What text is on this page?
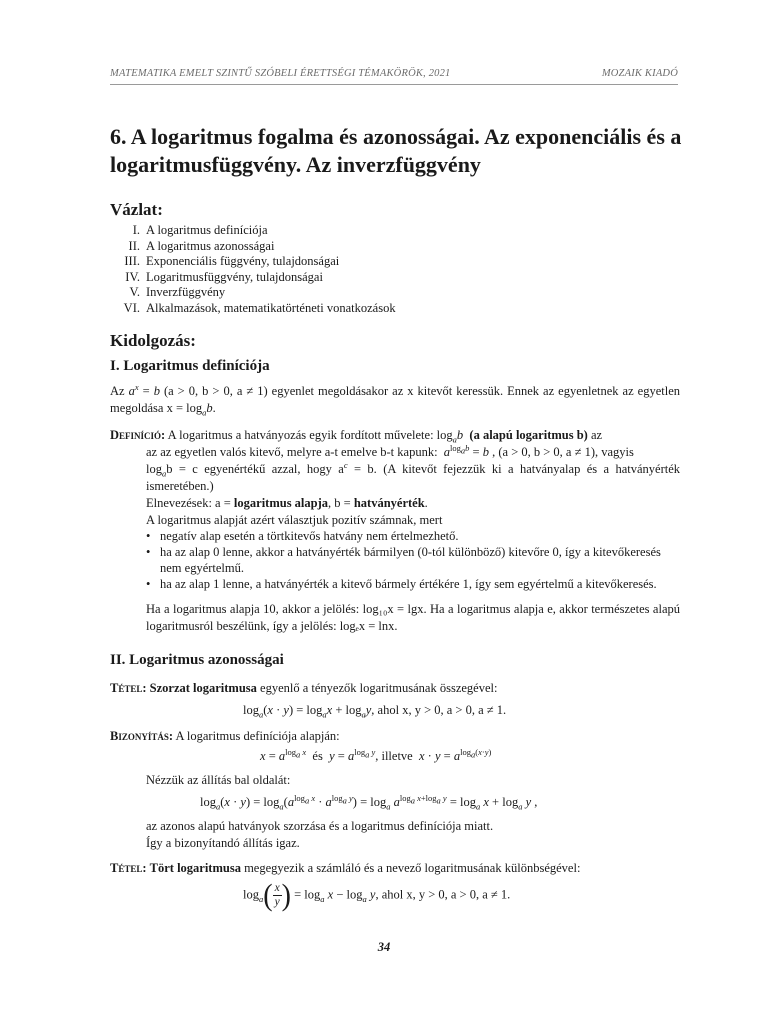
MATEMATIKA EMELT SZINTŰ SZÓBELI ÉRETTSÉGI TÉMAKÖRÖK, 2021	MOZAIK KIADÓ
6. A logaritmus fogalma és azonosságai. Az exponenciális és a logaritmusfüggvény. Az inverzfüggvény
Vázlat:
I. A logaritmus definíciója
II. A logaritmus azonosságai
III. Exponenciális függvény, tulajdonságai
IV. Logaritmusfüggvény, tulajdonságai
V. Inverzfüggvény
VI. Alkalmazások, matematikatörténeti vonatkozások
Kidolgozás:
I. Logaritmus definíciója
Az $a^x = b$ (a > 0, b > 0, a ≠ 1) egyenlet megoldásakor az x kitevőt keressük. Ennek az egyenletnek az egyetlen megoldása $x = \log_ab$.
Definíció: A logaritmus a hatványozás egyik fordított művelete: $\log_ab$ (a alapú logaritmus b) az
az az egyetlen valós kitevő, melyre a-t emelve b-t kapunk: $a^{log_ab} = b$ , (a > 0, b > 0, a ≠ 1), vagyis
$\log_ab = c$ egyenértékű azzal, hogy $a^c = b$. (A kitevőt fejezzük ki a hatványalap és a hatványérték ismeretében.)
Elnevezések: a = logaritmus alapja, b = hatványérték.
A logaritmus alapját azért választjuk pozitív számnak, mert
• negatív alap esetén a törtkitevős hatvány nem értelmezhető.
• ha az alap 0 lenne, akkor a hatványérték bármilyen (0-tól különböző) kitevőre 0, így a kitevőkeresés nem egyértelmű.
• ha az alap 1 lenne, a hatványérték a kitevő bármely értékére 1, így sem egyértelmű a kitevőkeresés.
Ha a logaritmus alapja 10, akkor a jelölés: log₁₀x = lgx. Ha a logaritmus alapja e, akkor természetes alapú logaritmusról beszélünk, így a jelölés: logₑx = lnx.
II. Logaritmus azonosságai
Tétel: Szorzat logaritmusa egyenlő a tényezők logaritmusának összegével:
$\log_a(x \cdot y) = \log_ax + \log_ay$, ahol x, y > 0, a > 0, a ≠ 1.
Bizonyítás: A logaritmus definíciója alapján:
$x = a^{log_a x}$ és $y = a^{log_a y}$, illetve $x \cdot y = a^{log_a(x\cdot y)}$
Nézzük az állítás bal oldalát:
$\log_a(x \cdot y) = \log_a(a^{log_a x} \cdot a^{log_a y}) = \log_a a^{log_a x+log_a y} = \log_a x + \log_a y$ ,
az azonos alapú hatványok szorzása és a logaritmus definíciója miatt.
Így a bizonyítandó állítás igaz.
Tétel: Tört logaritmusa megegyezik a számláló és a nevező logaritmusának különbségével:
$\log_a( \frac{x}{y}$ ) = $\log_a x - \log_a y$, ahol x, y > 0, a > 0, a ≠ 1.
34
